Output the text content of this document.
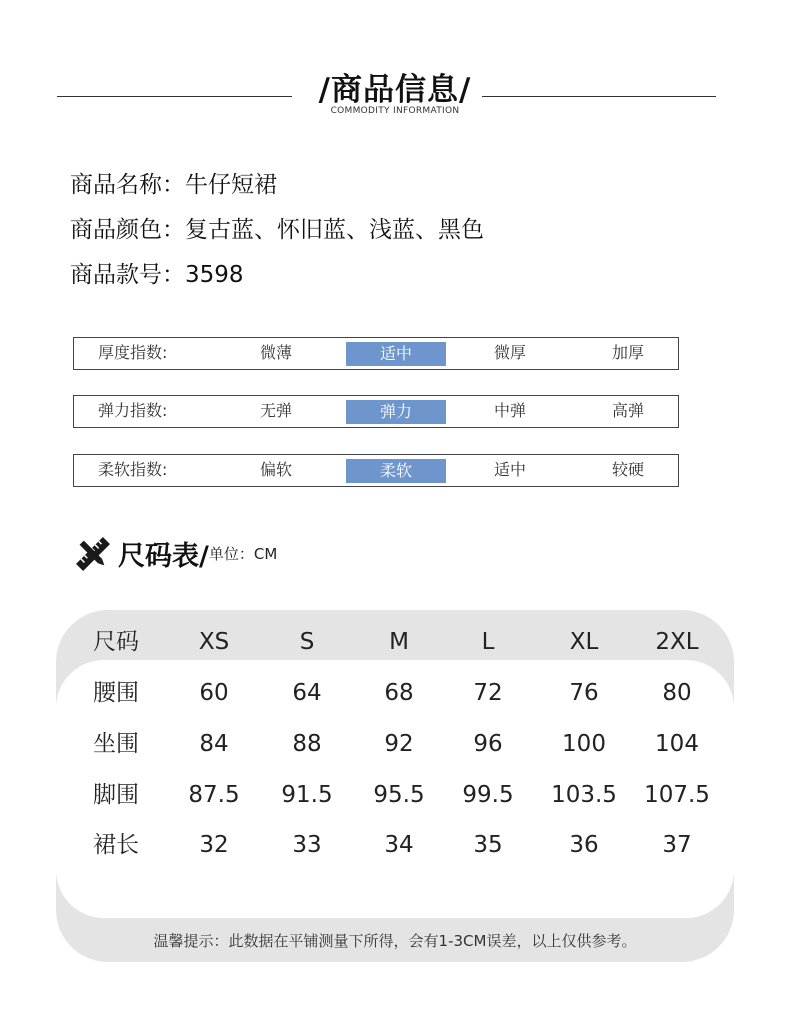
/商品信息/
COMMODITY INFORMATION
商品名称：牛仔短裙
商品颜色：复古蓝、怀旧蓝、浅蓝、黑色
商品款号：3598
厚度指数:	微薄	适中	微厚	加厚
弹力指数:	无弹	弹力	中弹	高弹
柔软指数:	偏软	柔软	适中	较硬
尺码表/单位：CM
尺码	XS	S	M	L	XL	2XL
腰围	60	64	68	72	76	80
坐围	84	88	92	96	100	104
脚围	87.5	91.5	95.5	99.5	103.5	107.5
裙长	32	33	34	35	36	37
温馨提示：此数据在平铺测量下所得，会有1-3CM误差，以上仅供参考。
